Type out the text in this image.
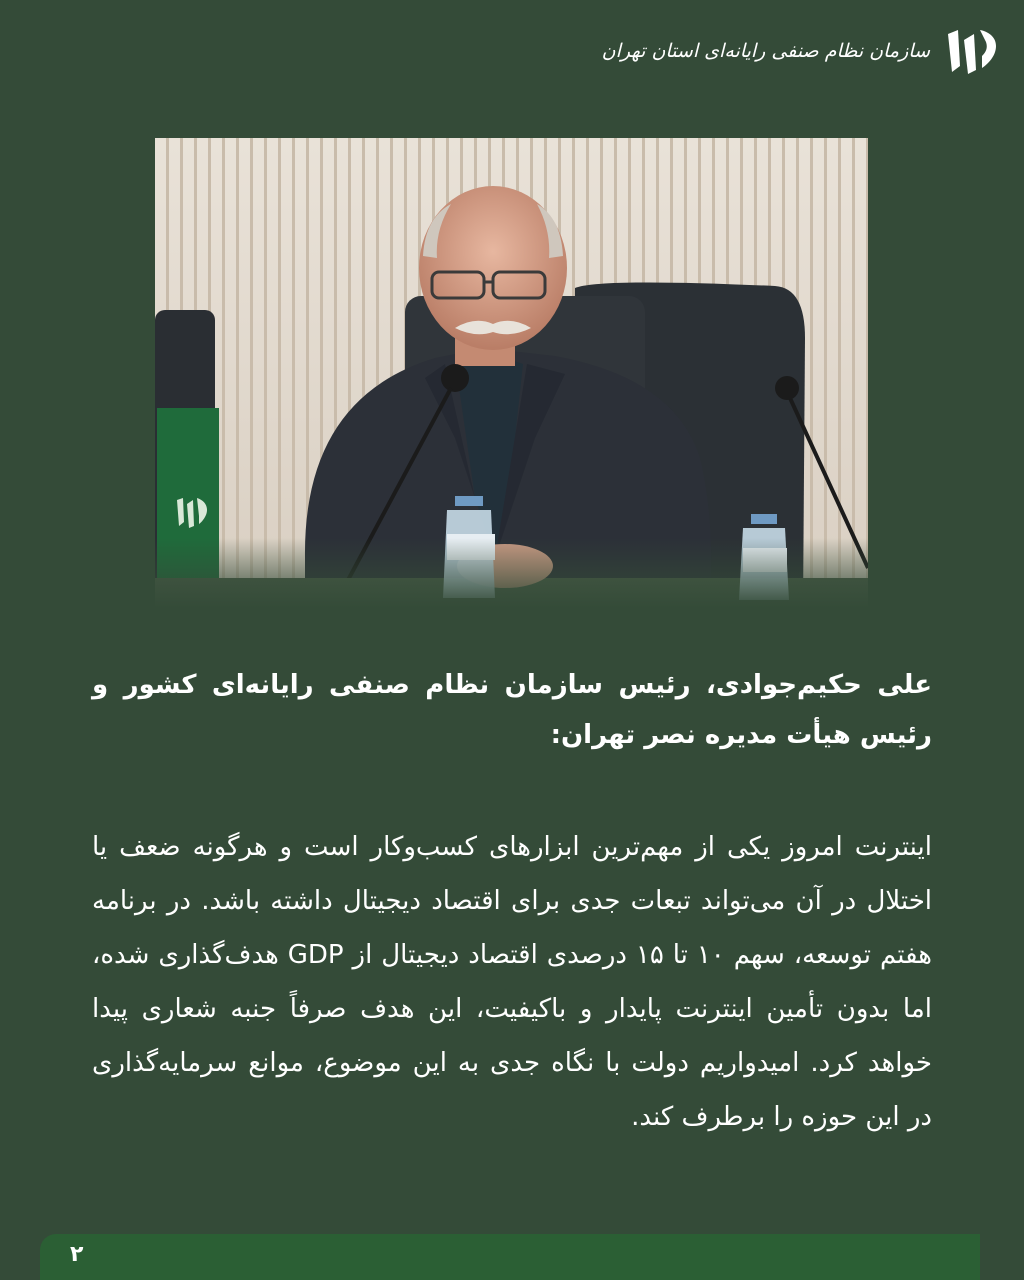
سازمان نظام صنفی رایانه‌ای استان تهران
علی حکیم‌جوادی، رئیس سازمان نظام صنفی رایانه‌ای کشور و رئیس هیأت مدیره نصر تهران:
اینترنت امروز یکی از مهم‌ترین ابزارهای کسب‌وکار است و هرگونه ضعف یا اختلال در آن می‌تواند تبعات جدی برای اقتصاد دیجیتال داشته باشد. در برنامه هفتم توسعه، سهم ۱۰ تا ۱۵ درصدی اقتصاد دیجیتال از GDP هدف‌گذاری شده، اما بدون تأمین اینترنت پایدار و باکیفیت، این هدف صرفاً جنبه شعاری پیدا خواهد کرد. امیدواریم دولت با نگاه جدی به این موضوع، موانع سرمایه‌گذاری در این حوزه را برطرف کند.
۲
